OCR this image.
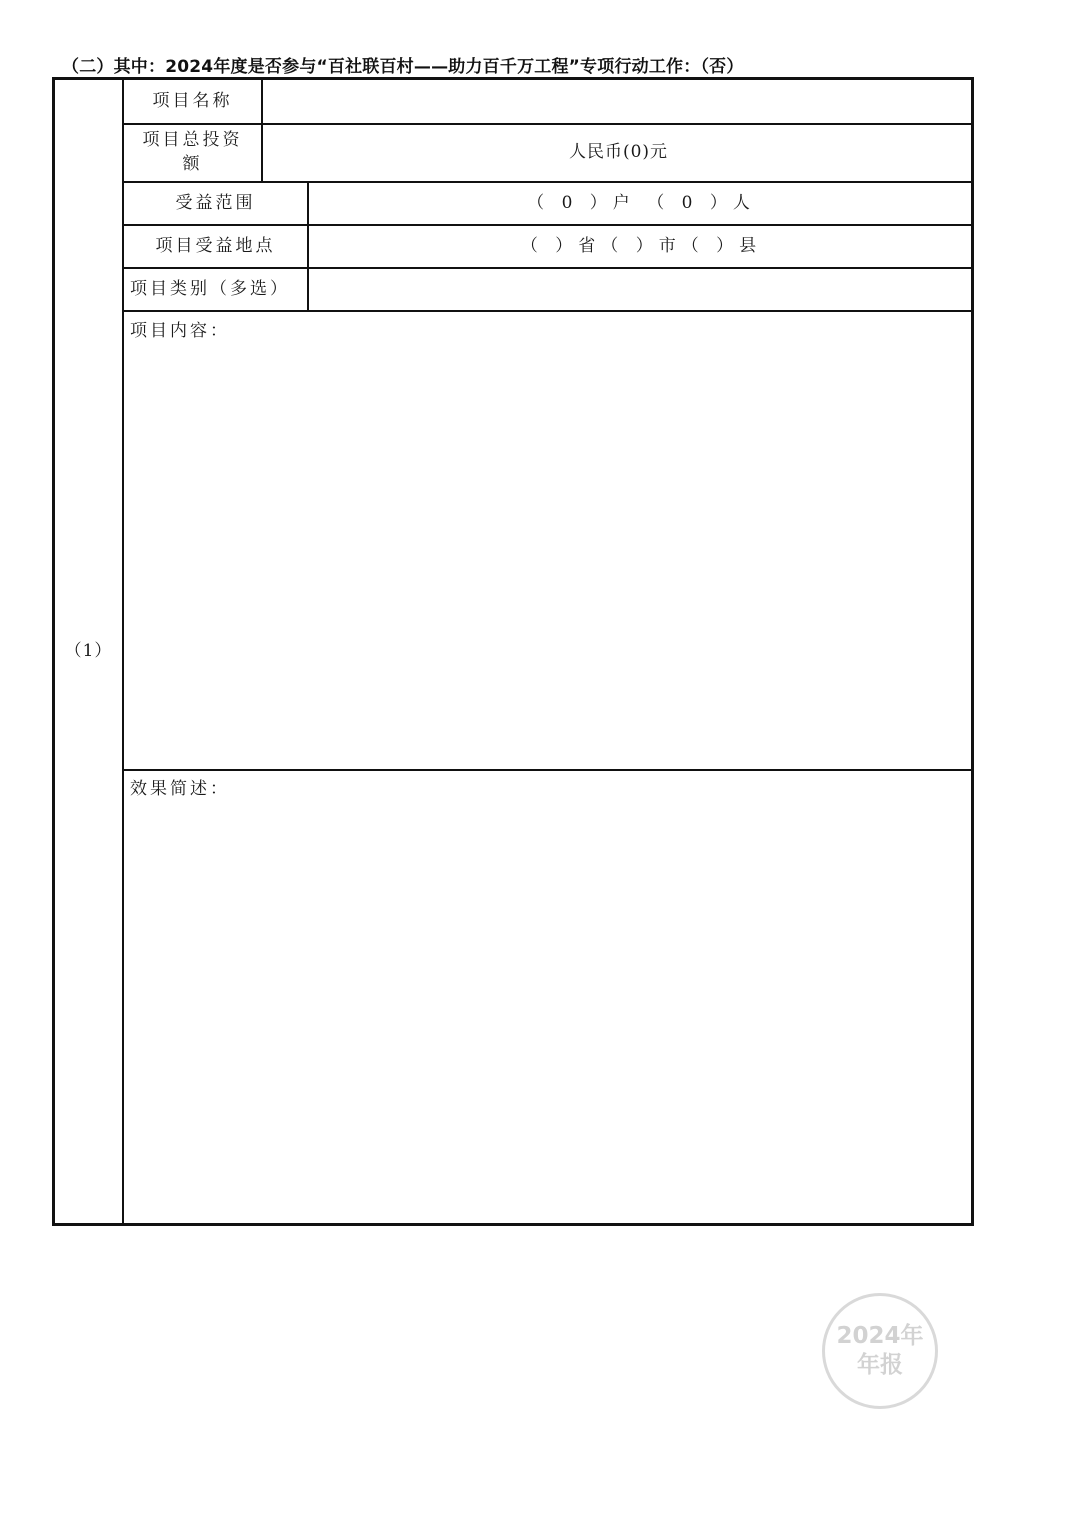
（二）其中：2024年度是否参与“百社联百村——助力百千万工程”专项行动工作：（否）
（1）
项目名称
项目总投资
额
人民币(0)元
受益范围	（ 0 ）户 （ 0 ）人
项目受益地点	（ ）省（ ）市（ ）县
项目类别（多选）
项目内容：
效果简述：
2024年
年报
